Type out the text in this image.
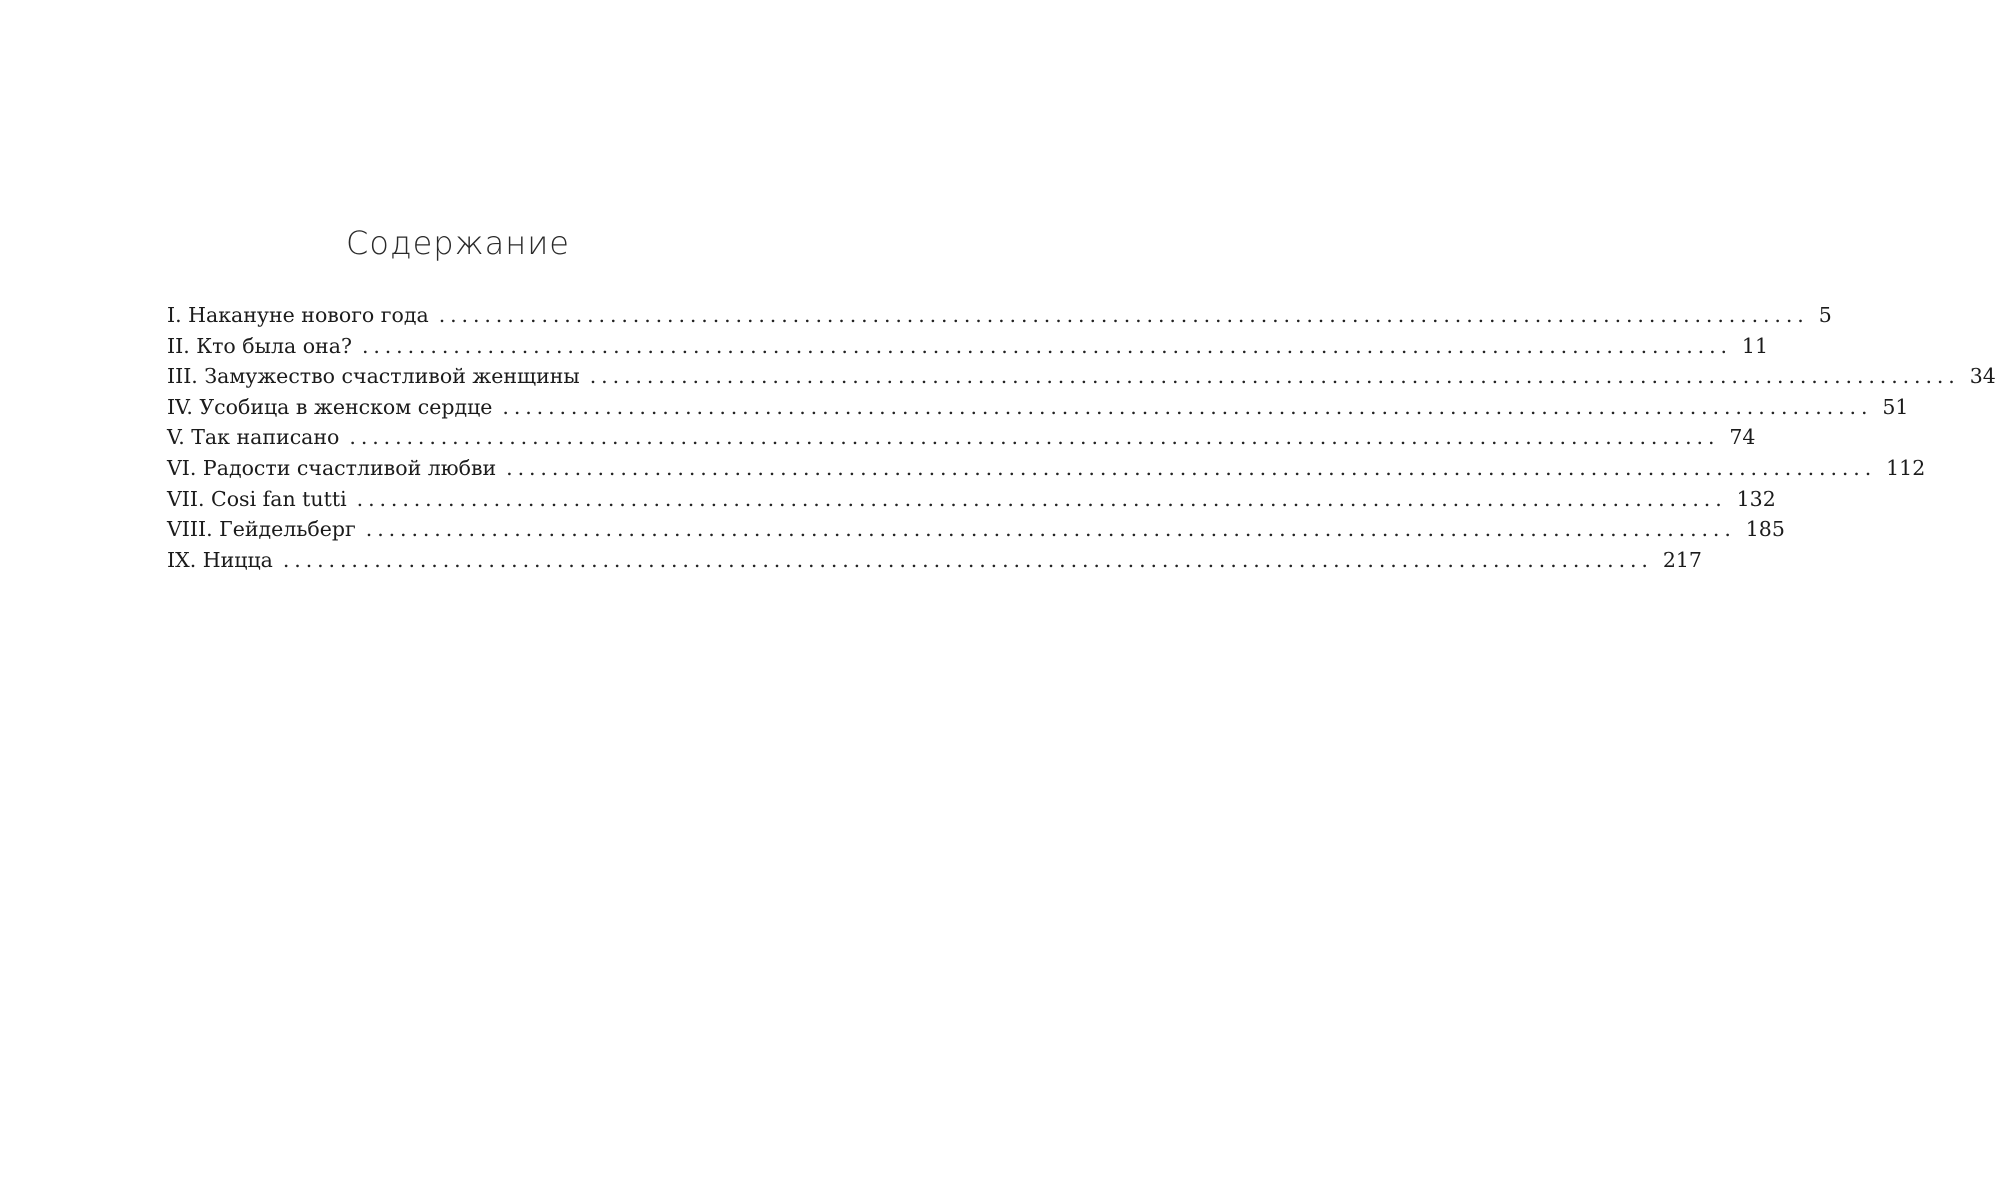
Содержание
I. Накануне нового года ........................................................................................................................ 5
II. Кто была она? ........................................................................................................................ 11
III. Замужество счастливой женщины ........................................................................................................................ 34
IV. Усобица в женском сердце ........................................................................................................................ 51
V. Так написано ........................................................................................................................ 74
VI. Радости счастливой любви ........................................................................................................................ 112
VII. Cosi fan tutti ........................................................................................................................ 132
VIII. Гейдельберг ........................................................................................................................ 185
IX. Ницца ........................................................................................................................ 217
